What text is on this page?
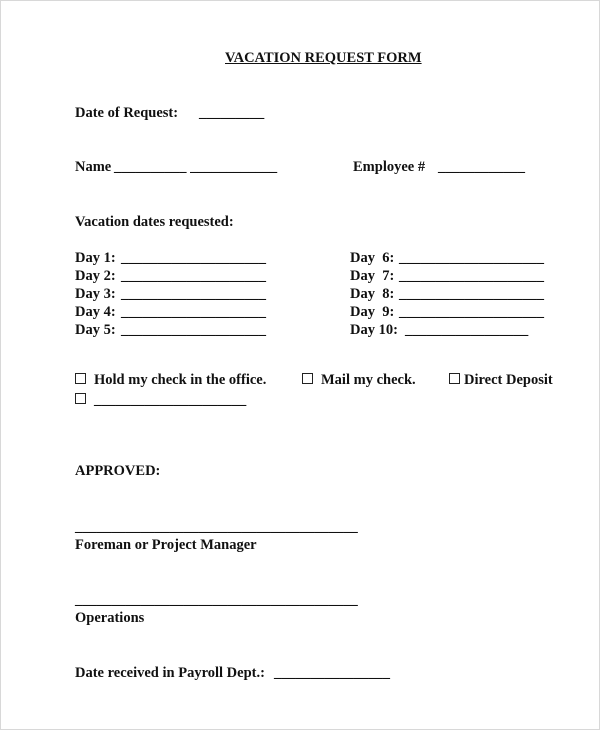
VACATION REQUEST FORM
Date of Request: _________
Name __________ ____________	Employee # ____________
Vacation dates requested:
Day 1: ____________________
Day 2: ____________________
Day 3: ____________________
Day 4: ____________________
Day 5: ____________________
Day  6: ____________________
Day  7: ____________________
Day  8: ____________________
Day  9: ____________________
Day 10: _________________
Hold my check in the office.	Mail my check.	Direct Deposit
_____________________
APPROVED:
_______________________________________
Foreman or Project Manager
_______________________________________
Operations
Date received in Payroll Dept.: ________________
